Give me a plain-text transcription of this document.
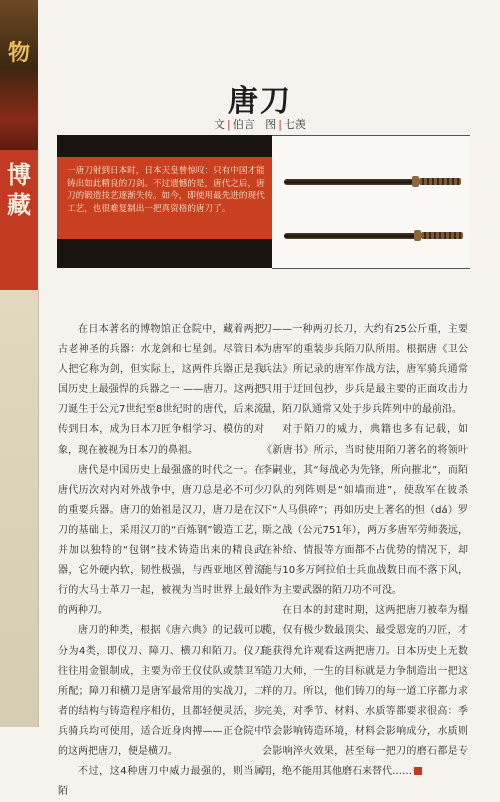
物
博藏
唐刀
文 | 伯言 图 | 七羡
一唐刀射到日本时，日本天皇曾惊叹：只有中国才能铸出如此精良的刀剑。不过遗憾的是，唐代之后，唐刀的锻造技艺逐渐失传。如今，即使用最先进的现代工艺，也很难复制出一把真资格的唐刀了。

在日本著名的博物馆正仓院中，藏着两把古老神圣的兵器：水龙剑和七星剑。尽管日本人把它称为剑，但实际上，这两件兵器正是我国历史上最强悍的兵器之一 ——唐刀。这两把刀诞生于公元7世纪至8世纪时的唐代，后来流传到日本，成为日本刀匠争相学习、模仿的对象，现在被视为日本刀的鼻祖。

唐代是中国历史上最强盛的时代之一。在唐代历次对内对外战争中，唐刀总是必不可少的重要兵器。唐刀的始祖是汉刀，唐刀是在汉刀的基础上，采用汉刀的“百炼钢”锻造工艺，并加以独特的“包钢”技术铸造出来的精良武器，它外硬内软，韧性极强，与西亚地区曾流行的大马士革刀一起，被视为当时世界上最好的两种刀。

唐刀的种类，根据《唐六典》的记载可以分为4类，即仪刀、障刀、横刀和陌刀。仪刀往往用金银制成，主要为帝王仪仗队或禁卫军所配；障刀和横刀是唐军最常用的实战刀，二者的结构与铸造程序相仿，且都轻便灵活，步兵骑兵均可使用，适合近身肉搏——正仓院中的这两把唐刀，便是横刀。

不过，这4种唐刀中威力最强的，则当属陌

刀——一种两刃长刀，大约有25公斤重，主要为唐军的重装步兵陌刀队所用。根据唐《卫公兵法》所记录的唐军作战方法，唐军骑兵通常只用于迂回包抄，步兵是最主要的正面攻击力量，陌刀队通常又处于步兵阵列中的最前沿。

对于陌刀的威力，典籍也多有记载，如《新唐书》所示，当时使用陌刀著名的将领叶李嗣业，其“每战必为先锋，所向摧北”，而陌刀队的列阵则是“如墙而进”，使敌军在彼杀下“人马俱碎”；再如历史上著名的怛（dá）罗斯之战（公元751年），两万多唐军劳师袭远，在补给、情报等方面都不占优势的情况下，却能与10多万阿拉伯士兵血战数日而不落下风，作为主要武器的陌刀功不可没。

在日本的封建时期，这两把唐刀被奉为榻榄，仅有极少数最顶尖、最受恩宠的刀匠，才能获得允许观看这两把唐刀。日本历史上无数造刀大师，一生的目标就是力争制造出一把这样的刀。所以，他们铸刀的每一道工序都力求完美，对季节、材料、水质等都要求很高：季节会影响铸造环境，材料会影响成分，水质则会影响淬火效果，甚至每一把刀的磨石都是专用，绝不能用其他磨石来替代……
